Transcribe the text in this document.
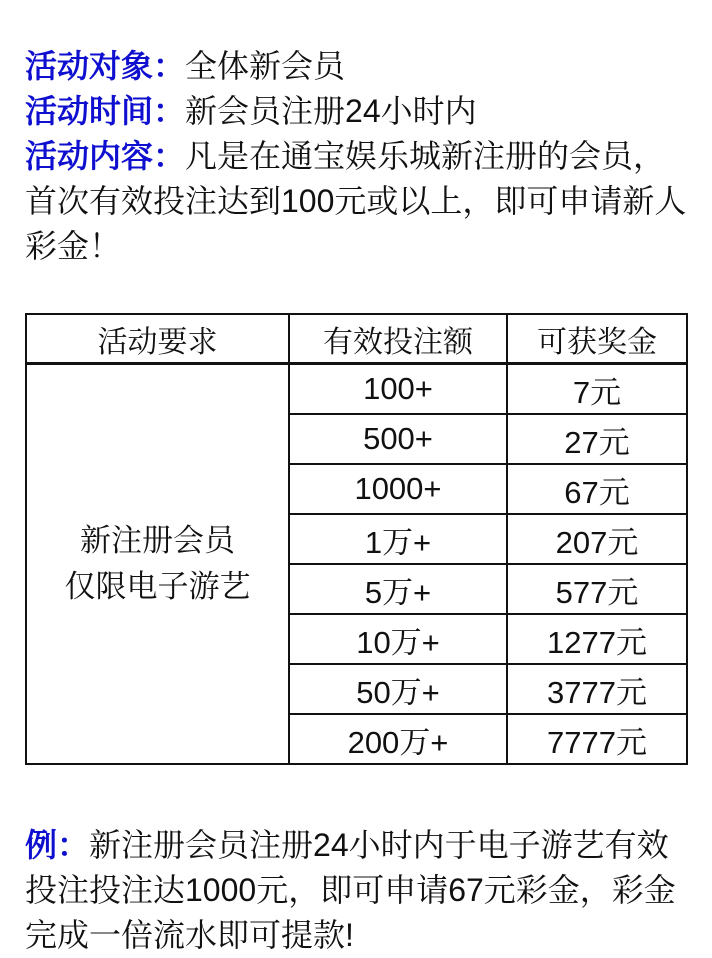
活动对象：全体新会员

活动时间：新会员注册24小时内

活动内容：凡是在通宝娱乐城新注册的会员，首次有效投注达到100元或以上，即可申请新人彩金！

活动要求	有效投注额	可获奖金

新注册会员
仅限电子游艺	100+	7元
	500+	27元
	1000+	67元
	1万+	207元
	5万+	577元
	10万+	1277元
	50万+	3777元
	200万+	7777元

例：新注册会员注册24小时内于电子游艺有效投注投注达1000元，即可申请67元彩金，彩金完成一倍流水即可提款!
